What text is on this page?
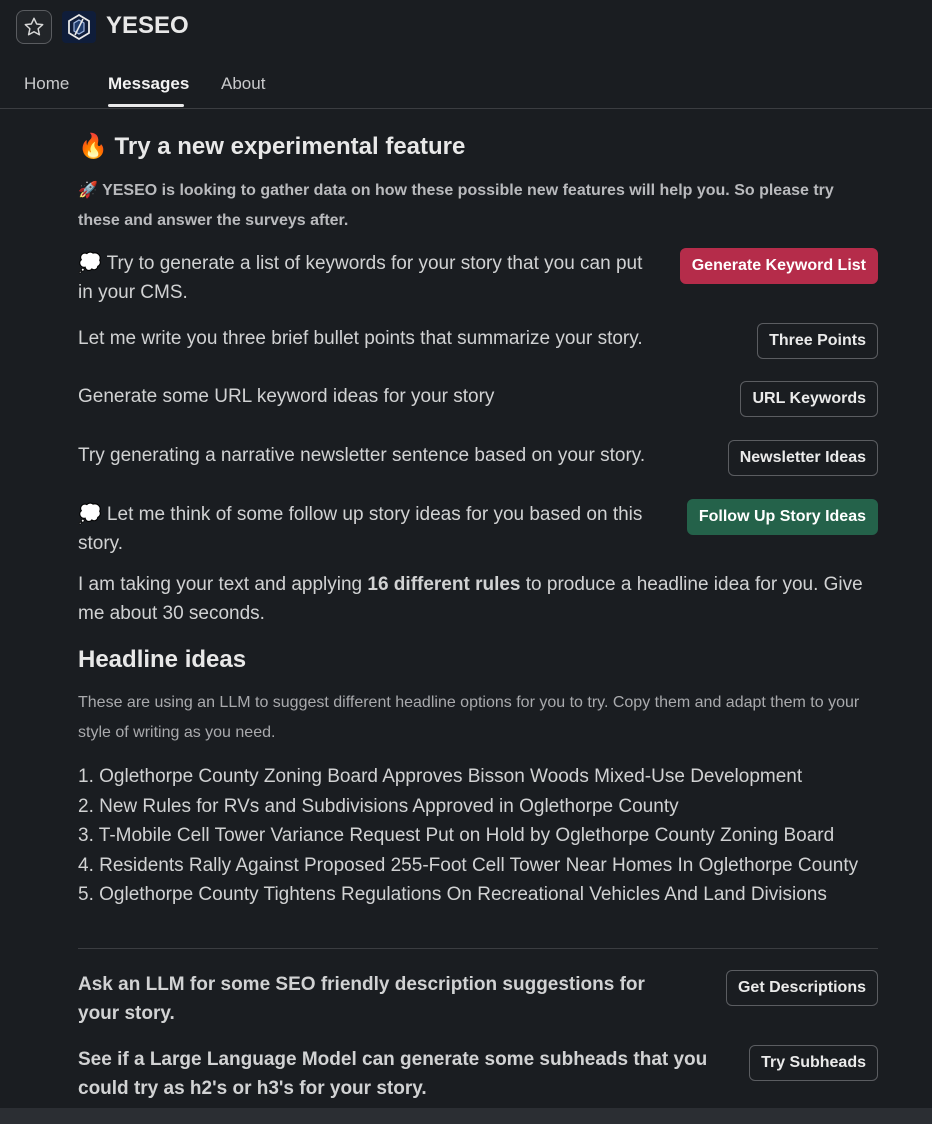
YESEO
Home Messages About
🔥 Try a new experimental feature
🚀 YESEO is looking to gather data on how these possible new features will help you. So please try these and answer the surveys after.
💭 Try to generate a list of keywords for your story that you can put in your CMS.
Generate Keyword List
Let me write you three brief bullet points that summarize your story.	Three Points
Generate some URL keyword ideas for your story	URL Keywords
Try generating a narrative newsletter sentence based on your story.	Newsletter Ideas
💭 Let me think of some follow up story ideas for you based on this story.
Follow Up Story Ideas
I am taking your text and applying 16 different rules to produce a headline idea for you. Give me about 30 seconds.
Headline ideas
These are using an LLM to suggest different headline options for you to try. Copy them and adapt them to your style of writing as you need.
1. Oglethorpe County Zoning Board Approves Bisson Woods Mixed-Use Development
2. New Rules for RVs and Subdivisions Approved in Oglethorpe County
3. T-Mobile Cell Tower Variance Request Put on Hold by Oglethorpe County Zoning Board
4. Residents Rally Against Proposed 255-Foot Cell Tower Near Homes In Oglethorpe County
5. Oglethorpe County Tightens Regulations On Recreational Vehicles And Land Divisions
Ask an LLM for some SEO friendly description suggestions for your story.
Get Descriptions
See if a Large Language Model can generate some subheads that you could try as h2's or h3's for your story.
Try Subheads
